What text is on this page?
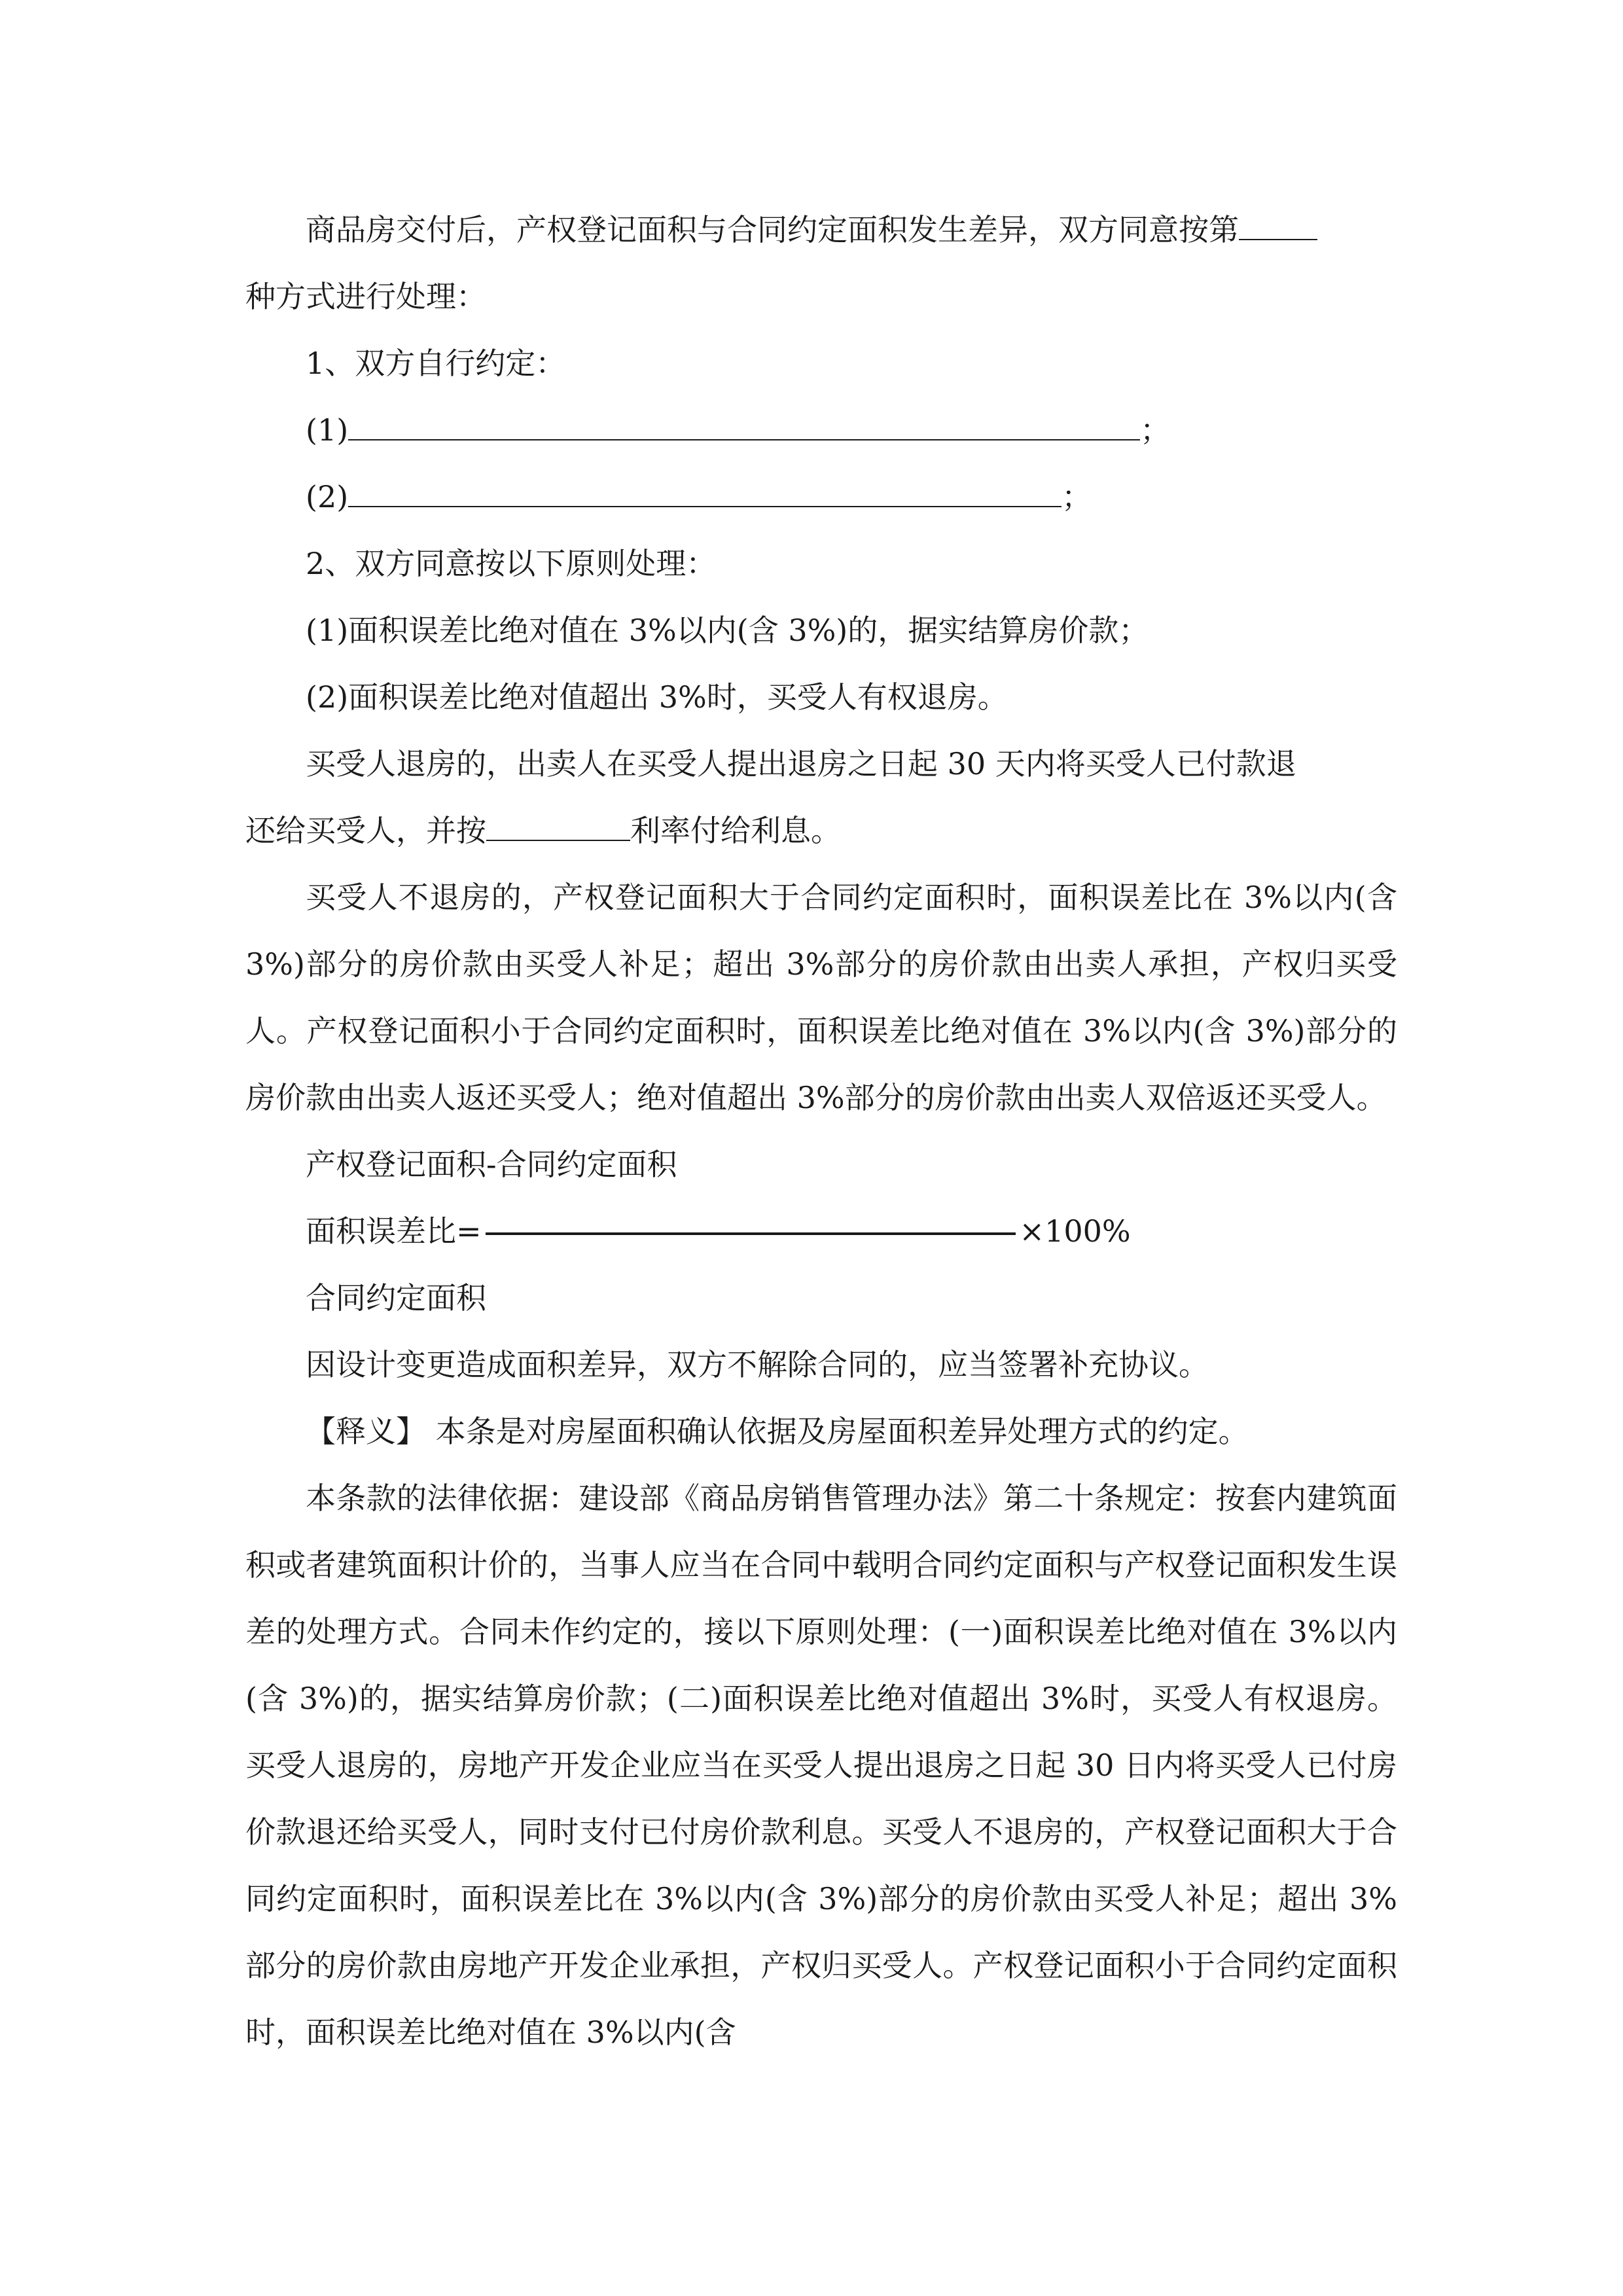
商品房交付后，产权登记面积与合同约定面积发生差异，双方同意按第

种方式进行处理：

1、双方自行约定：

(1)	；

(2)	；

2、双方同意按以下原则处理：

(1)面积误差比绝对值在 3%以内(含 3%)的，据实结算房价款；

(2)面积误差比绝对值超出 3%时，买受人有权退房。

买受人退房的，出卖人在买受人提出退房之日起 30 天内将买受人已付款退

还给买受人，并按	利率付给利息。

买受人不退房的，产权登记面积大于合同约定面积时，面积误差比在 3%以内(含 3%)部分的房价款由买受人补足；超出 3%部分的房价款由出卖人承担，产权归买受人。产权登记面积小于合同约定面积时，面积误差比绝对值在 3%以内(含 3%)部分的房价款由出卖人返还买受人；绝对值超出 3%部分的房价款由出卖人双倍返还买受人。

产权登记面积-合同约定面积

面积误差比=	×100%

合同约定面积

因设计变更造成面积差异，双方不解除合同的，应当签署补充协议。

【释义】 本条是对房屋面积确认依据及房屋面积差异处理方式的约定。

本条款的法律依据：建设部《商品房销售管理办法》第二十条规定：按套内建筑面积或者建筑面积计价的，当事人应当在合同中载明合同约定面积与产权登记面积发生误差的处理方式。合同未作约定的，接以下原则处理：(一)面积误差比绝对值在 3%以内(含 3%)的，据实结算房价款；(二)面积误差比绝对值超出 3%时，买受人有权退房。买受人退房的，房地产开发企业应当在买受人提出退房之日起 30 日内将买受人已付房价款退还给买受人，同时支付已付房价款利息。买受人不退房的，产权登记面积大于合同约定面积时，面积误差比在 3%以内(含 3%)部分的房价款由买受人补足；超出 3%部分的房价款由房地产开发企业承担，产权归买受人。产权登记面积小于合同约定面积时，面积误差比绝对值在 3%以内(含
